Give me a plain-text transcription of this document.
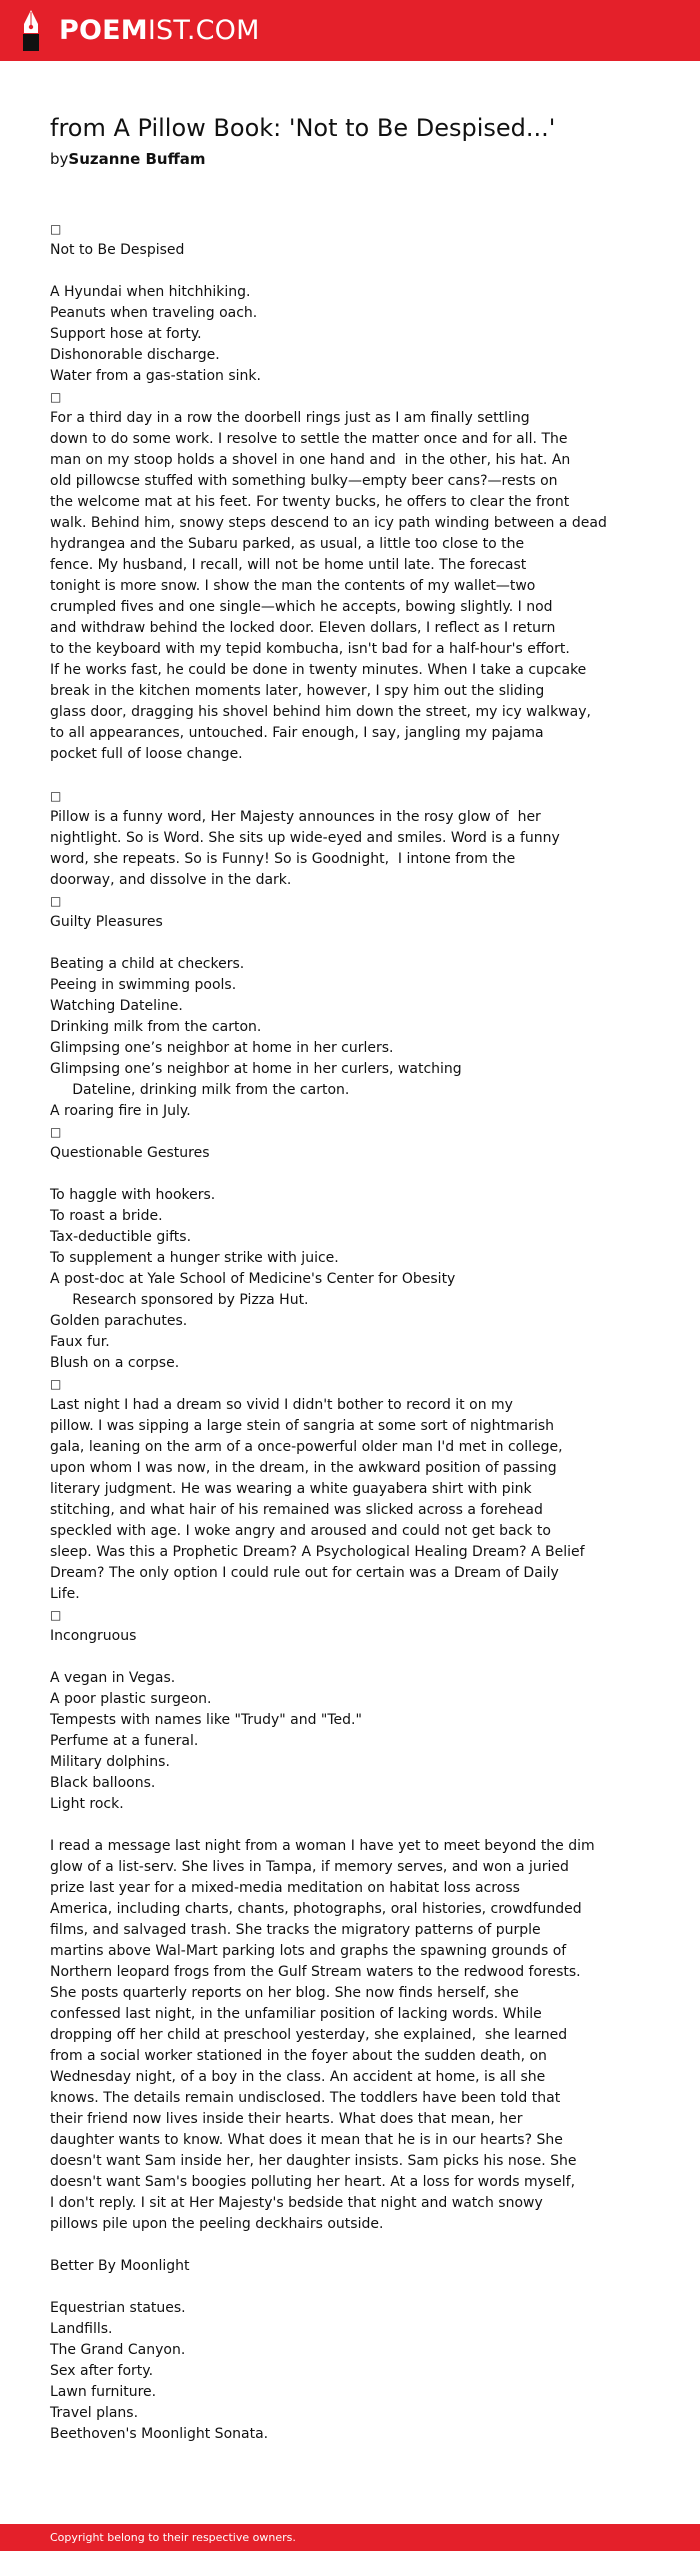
POEMIST.COM
from A Pillow Book: 'Not to Be Despised...'
bySuzanne Buffam
□
Not to Be Despised
A Hyundai when hitchhiking.
Peanuts when traveling oach.
Support hose at forty.
Dishonorable discharge.
Water from a gas-station sink.
□
For a third day in a row the doorbell rings just as I am finally settling
down to do some work. I resolve to settle the matter once and for all. The
man on my stoop holds a shovel in one hand and  in the other, his hat. An
old pillowcse stuffed with something bulky—empty beer cans?—rests on
the welcome mat at his feet. For twenty bucks, he offers to clear the front
walk. Behind him, snowy steps descend to an icy path winding between a dead
hydrangea and the Subaru parked, as usual, a little too close to the
fence. My husband, I recall, will not be home until late. The forecast
tonight is more snow. I show the man the contents of my wallet—two
crumpled fives and one single—which he accepts, bowing slightly. I nod
and withdraw behind the locked door. Eleven dollars, I reflect as I return
to the keyboard with my tepid kombucha, isn't bad for a half-hour's effort.
If he works fast, he could be done in twenty minutes. When I take a cupcake
break in the kitchen moments later, however, I spy him out the sliding
glass door, dragging his shovel behind him down the street, my icy walkway,
to all appearances, untouched. Fair enough, I say, jangling my pajama
pocket full of loose change.
□
Pillow is a funny word, Her Majesty announces in the rosy glow of  her
nightlight. So is Word. She sits up wide-eyed and smiles. Word is a funny
word, she repeats. So is Funny! So is Goodnight,  I intone from the
doorway, and dissolve in the dark.
□
Guilty Pleasures
Beating a child at checkers.
Peeing in swimming pools.
Watching Dateline.
Drinking milk from the carton.
Glimpsing one’s neighbor at home in her curlers.
Glimpsing one’s neighbor at home in her curlers, watching
Dateline, drinking milk from the carton.
A roaring fire in July.
□
Questionable Gestures
To haggle with hookers.
To roast a bride.
Tax-deductible gifts.
To supplement a hunger strike with juice.
A post-doc at Yale School of Medicine's Center for Obesity
Research sponsored by Pizza Hut.
Golden parachutes.
Faux fur.
Blush on a corpse.
□
Last night I had a dream so vivid I didn't bother to record it on my
pillow. I was sipping a large stein of sangria at some sort of nightmarish
gala, leaning on the arm of a once-powerful older man I'd met in college,
upon whom I was now, in the dream, in the awkward position of passing
literary judgment. He was wearing a white guayabera shirt with pink
stitching, and what hair of his remained was slicked across a forehead
speckled with age. I woke angry and aroused and could not get back to
sleep. Was this a Prophetic Dream? A Psychological Healing Dream? A Belief
Dream? The only option I could rule out for certain was a Dream of Daily
Life.
□
Incongruous
A vegan in Vegas.
A poor plastic surgeon.
Tempests with names like "Trudy" and "Ted."
Perfume at a funeral.
Military dolphins.
Black balloons.
Light rock.
I read a message last night from a woman I have yet to meet beyond the dim
glow of a list-serv. She lives in Tampa, if memory serves, and won a juried
prize last year for a mixed-media meditation on habitat loss across
America, including charts, chants, photographs, oral histories, crowdfunded
films, and salvaged trash. She tracks the migratory patterns of purple
martins above Wal-Mart parking lots and graphs the spawning grounds of
Northern leopard frogs from the Gulf Stream waters to the redwood forests.
She posts quarterly reports on her blog. She now finds herself, she
confessed last night, in the unfamiliar position of lacking words. While
dropping off her child at preschool yesterday, she explained,  she learned
from a social worker stationed in the foyer about the sudden death, on
Wednesday night, of a boy in the class. An accident at home, is all she
knows. The details remain undisclosed. The toddlers have been told that
their friend now lives inside their hearts. What does that mean, her
daughter wants to know. What does it mean that he is in our hearts? She
doesn't want Sam inside her, her daughter insists. Sam picks his nose. She
doesn't want Sam's boogies polluting her heart. At a loss for words myself,
I don't reply. I sit at Her Majesty's bedside that night and watch snowy
pillows pile upon the peeling deckhairs outside.
Better By Moonlight
Equestrian statues.
Landfills.
The Grand Canyon.
Sex after forty.
Lawn furniture.
Travel plans.
Beethoven's Moonlight Sonata.
Copyright belong to their respective owners.
